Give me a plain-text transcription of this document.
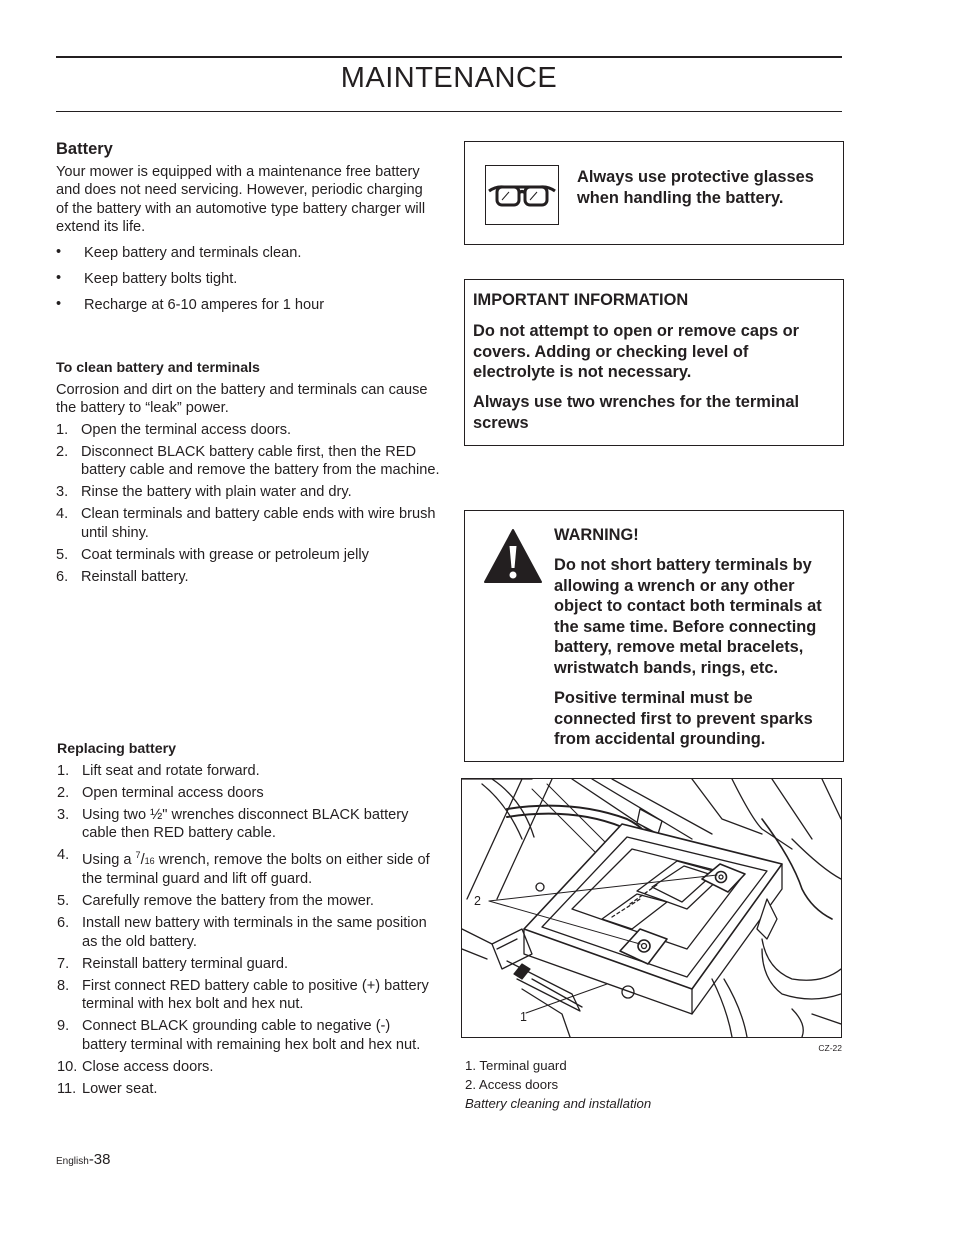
MAINTENANCE
Battery

Your mower is equipped with a maintenance free battery and does not need servicing. However, periodic charging of the battery with an automotive type battery charger will extend its life.

• Keep battery and terminals clean.
• Keep battery bolts tight.
• Recharge at 6-10 amperes for 1 hour
To clean battery and terminals

Corrosion and dirt on the battery and terminals can cause the battery to “leak” power.

1. Open the terminal access doors.
2. Disconnect BLACK battery cable first, then the RED battery cable and remove the battery from the machine.
3. Rinse the battery with plain water and dry.
4. Clean terminals and battery cable ends with wire brush until shiny.
5. Coat terminals with grease or petroleum jelly
6. Reinstall battery.
Replacing battery
1. Lift seat and rotate forward.
2. Open terminal access doors
3. Using two ½" wrenches disconnect BLACK battery cable then RED battery cable.
4. Using a $^7$/16 wrench, remove the bolts on either side of the terminal guard and lift off guard.
5. Carefully remove the battery from the mower.
6. Install new battery with terminals in the same position as the old battery.
7. Reinstall battery terminal guard.
8. First connect RED battery cable to positive (+) battery terminal with hex bolt and hex nut.
9. Connect BLACK grounding cable to negative (-) battery terminal with remaining hex bolt and hex nut.
10. Close access doors.
11. Lower seat.
Always use protective glasses when handling the battery.
IMPORTANT INFORMATION
Do not attempt to open or remove caps or covers. Adding or checking level of electrolyte is not necessary.
Always use two wrenches for the terminal screws
WARNING!
Do not short battery terminals by allowing a wrench or any other object to contact both terminals at the same time. Before connecting battery, remove metal bracelets, wristwatch bands, rings, etc.
Positive terminal must be connected first to prevent sparks from accidental grounding.
2
1
CZ-22
1. Terminal guard
2. Access doors
Battery cleaning and installation
English-38
